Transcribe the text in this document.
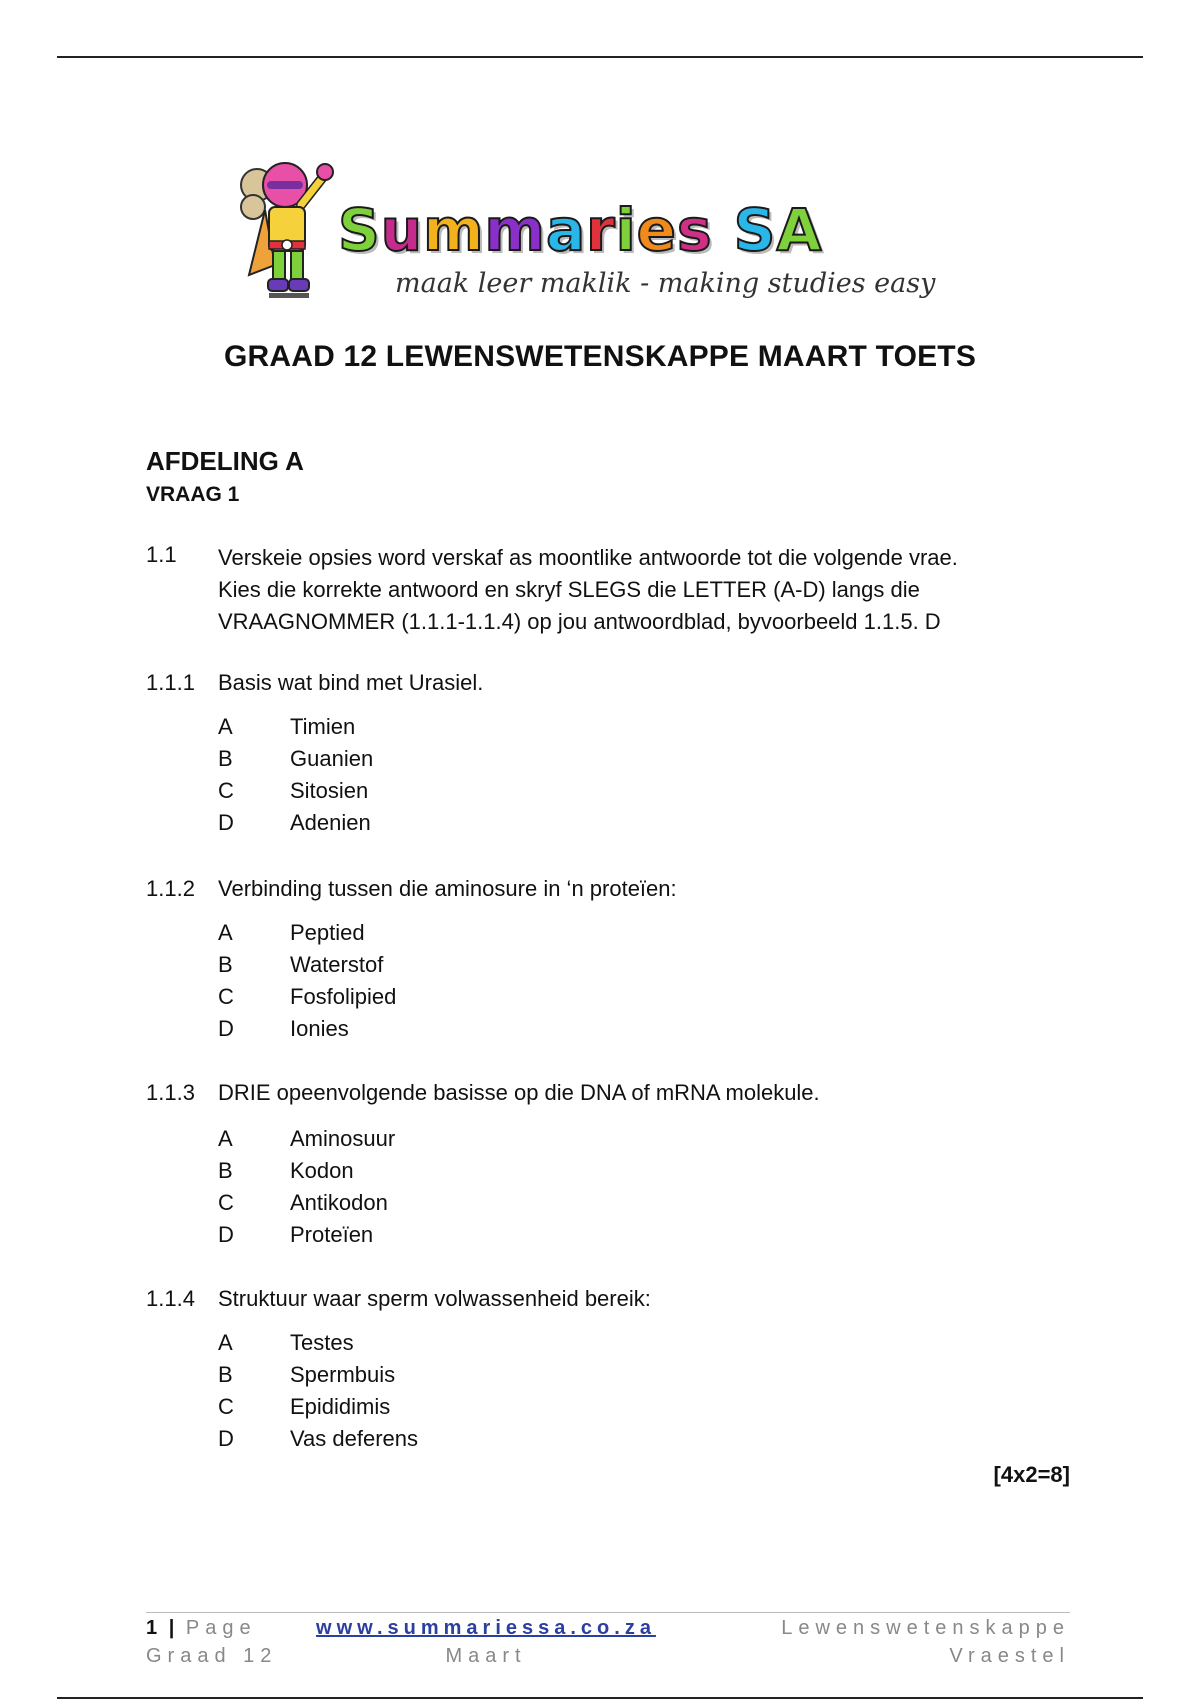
Summaries SA
maak leer maklik - making studies easy
GRAAD 12 LEWENSWETENSKAPPE MAART TOETS
AFDELING A
VRAAG 1
1.1 Verskeie opsies word verskaf as moontlike antwoorde tot die volgende vrae.
Kies die korrekte antwoord en skryf SLEGS die LETTER (A-D) langs die
VRAAGNOMMER (1.1.1-1.1.4) op jou antwoordblad, byvoorbeeld 1.1.5. D
1.1.1 Basis wat bind met Urasiel.
A	Timien
B	Guanien
C	Sitosien
D	Adenien
1.1.2 Verbinding tussen die aminosure in ‘n proteïen:
A	Peptied
B	Waterstof
C	Fosfolipied
D	Ionies
1.1.3 DRIE opeenvolgende basisse op die DNA of mRNA molekule.
A	Aminosuur
B	Kodon
C	Antikodon
D	Proteïen
1.1.4 Struktuur waar sperm volwassenheid bereik:
A	Testes
B	Spermbuis
C	Epididimis
D	Vas deferens
[4x2=8]
1 | Page
Graad 12
www.summariessa.co.za
Maart
Lewenswetenskappe
Vraestel
